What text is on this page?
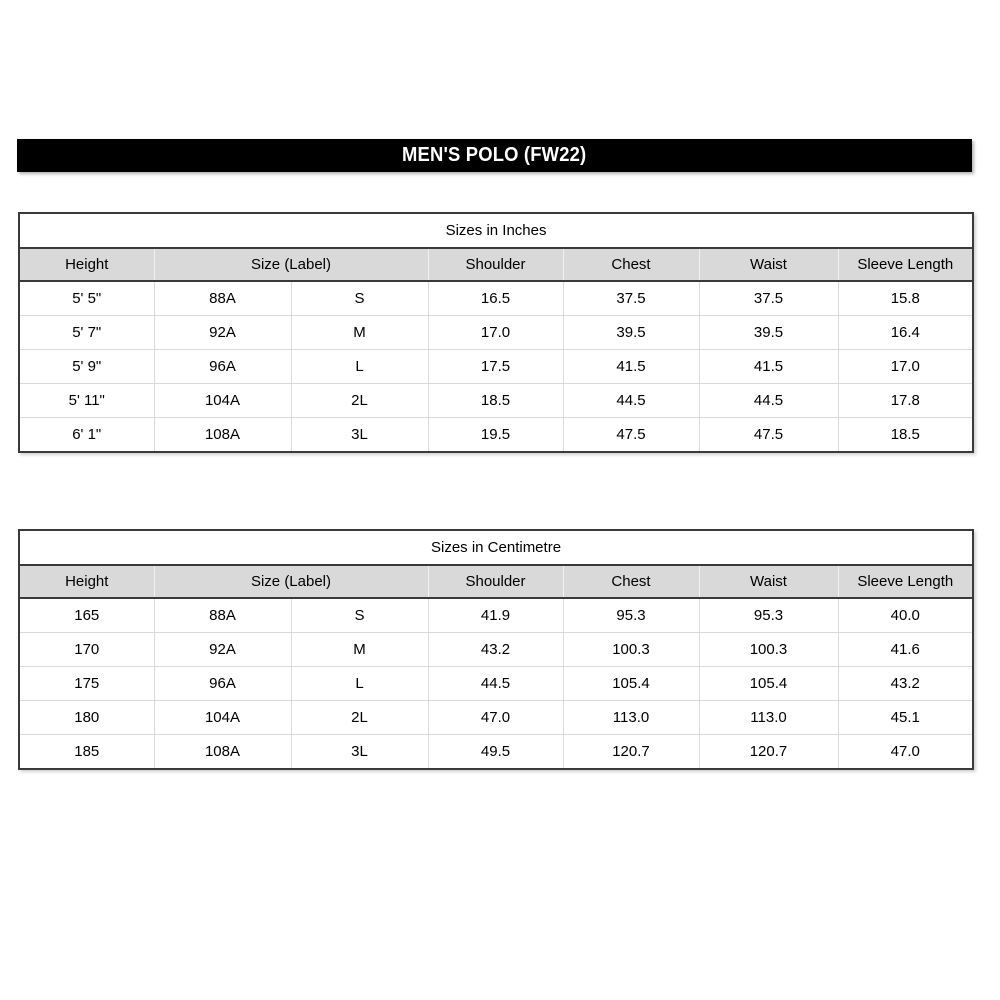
MEN'S POLO (FW22)
Sizes in Inches						
Height	Size (Label)		Shoulder	Chest	Waist	Sleeve Length
5' 5"	88A	S	16.5	37.5	37.5	15.8
5' 7"	92A	M	17.0	39.5	39.5	16.4
5' 9"	96A	L	17.5	41.5	41.5	17.0
5' 11"	104A	2L	18.5	44.5	44.5	17.8
6' 1"	108A	3L	19.5	47.5	47.5	18.5
Sizes in Centimetre						
Height	Size (Label)		Shoulder	Chest	Waist	Sleeve Length
165	88A	S	41.9	95.3	95.3	40.0
170	92A	M	43.2	100.3	100.3	41.6
175	96A	L	44.5	105.4	105.4	43.2
180	104A	2L	47.0	113.0	113.0	45.1
185	108A	3L	49.5	120.7	120.7	47.0
